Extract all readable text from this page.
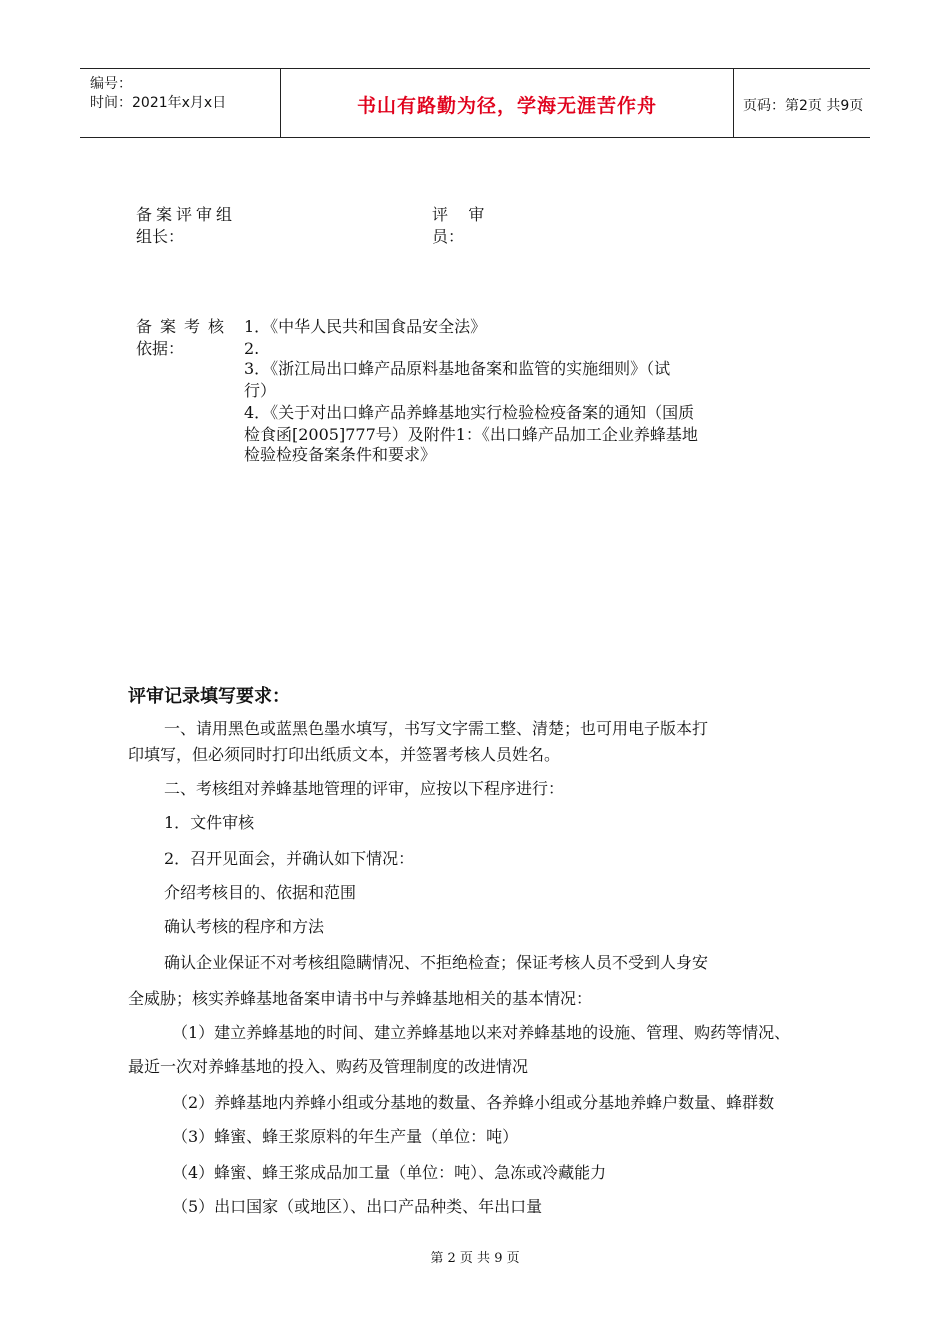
编号：
时间：2021年x月x日	书山有路勤为径，学海无涯苦作舟	页码：第2页 共9页
备案评审组
组长：
评    审
员：
备案考核
依据：
1．《中华人民共和国食品安全法》
2.
3．《浙江局出口蜂产品原料基地备案和监管的实施细则》（试
行）
4．《关于对出口蜂产品养蜂基地实行检验检疫备案的通知（国质
检食函[2005]777号）及附件1：《出口蜂产品加工企业养蜂基地
检验检疫备案条件和要求》
评审记录填写要求：
一、请用黑色或蓝黑色墨水填写，书写文字需工整、清楚；也可用电子版本打
印填写，但必须同时打印出纸质文本，并签署考核人员姓名。
二、考核组对养蜂基地管理的评审，应按以下程序进行：
1．文件审核
2．召开见面会，并确认如下情况：
介绍考核目的、依据和范围
确认考核的程序和方法
确认企业保证不对考核组隐瞒情况、不拒绝检查；保证考核人员不受到人身安
全威胁；核实养蜂基地备案申请书中与养蜂基地相关的基本情况：
（1）建立养蜂基地的时间、建立养蜂基地以来对养蜂基地的设施、管理、购药等情况、
最近一次对养蜂基地的投入、购药及管理制度的改进情况
（2）养蜂基地内养蜂小组或分基地的数量、各养蜂小组或分基地养蜂户数量、蜂群数
（3）蜂蜜、蜂王浆原料的年生产量（单位：吨）
（4）蜂蜜、蜂王浆成品加工量（单位：吨）、急冻或冷藏能力
（5）出口国家（或地区）、出口产品种类、年出口量
第 2 页 共 9 页
